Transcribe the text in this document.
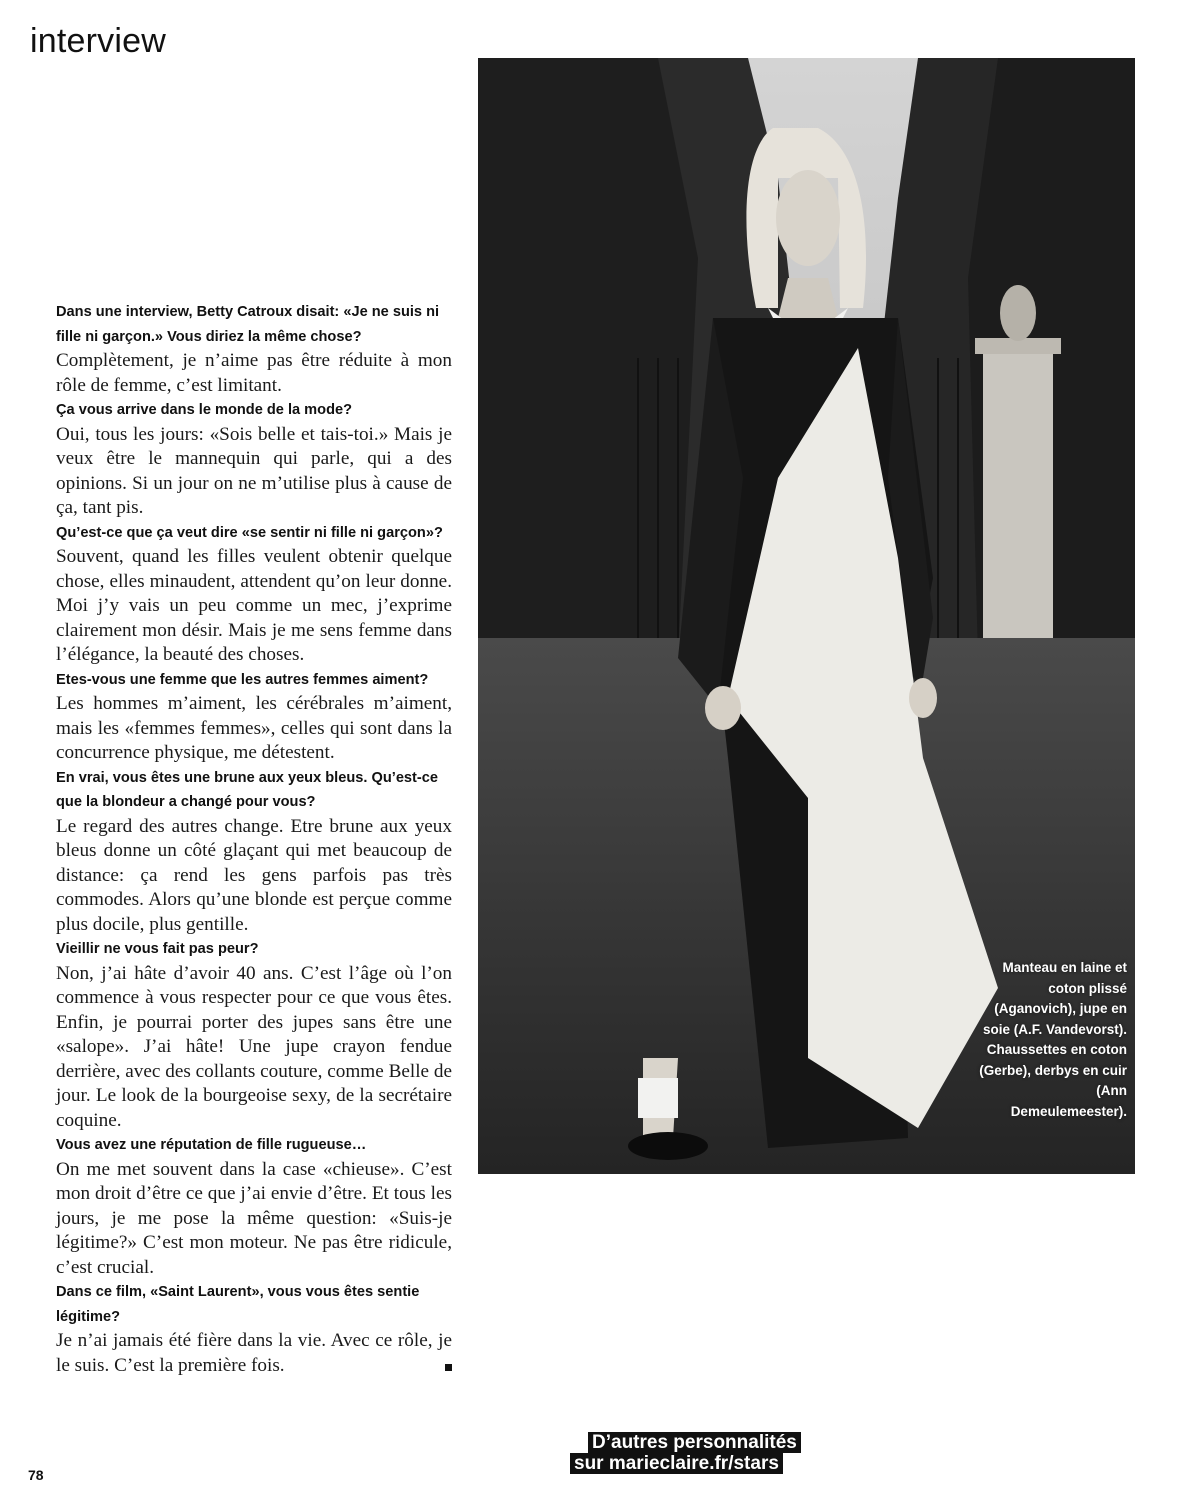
interview

Dans une interview, Betty Catroux disait: «Je ne suis ni fille ni garçon.» Vous diriez la même chose?

Complètement, je n’aime pas être réduite à mon rôle de femme, c’est limitant.

Ça vous arrive dans le monde de la mode?

Oui, tous les jours: «Sois belle et tais-toi.» Mais je veux être le mannequin qui parle, qui a des opinions. Si un jour on ne m’utilise plus à cause de ça, tant pis.

Qu’est-ce que ça veut dire «se sentir ni fille ni garçon»?

Souvent, quand les filles veulent obtenir quelque chose, elles minaudent, attendent qu’on leur donne. Moi j’y vais un peu comme un mec, j’exprime clairement mon désir. Mais je me sens femme dans l’élégance, la beauté des choses.

Etes-vous une femme que les autres femmes aiment?

Les hommes m’aiment, les cérébrales m’aiment, mais les «femmes femmes», celles qui sont dans la concurrence physique, me détestent.

En vrai, vous êtes une brune aux yeux bleus. Qu’est-ce que la blondeur a changé pour vous?

Le regard des autres change. Etre brune aux yeux bleus donne un côté glaçant qui met beaucoup de distance: ça rend les gens parfois pas très commodes. Alors qu’une blonde est perçue comme plus docile, plus gentille.

Vieillir ne vous fait pas peur?

Non, j’ai hâte d’avoir 40 ans. C’est l’âge où l’on commence à vous respecter pour ce que vous êtes. Enfin, je pourrai porter des jupes sans être une «salope». J’ai hâte! Une jupe crayon fendue derrière, avec des collants couture, comme Belle de jour. Le look de la bourgeoise sexy, de la secrétaire coquine.

Vous avez une réputation de fille rugueuse…

On me met souvent dans la case «chieuse». C’est mon droit d’être ce que j’ai envie d’être. Et tous les jours, je me pose la même question: «Suis-je légitime?» C’est mon moteur. Ne pas être ridicule, c’est crucial.

Dans ce film, «Saint Laurent», vous vous êtes sentie légitime?

Je n’ai jamais été fière dans la vie. Avec ce rôle, je le suis. C’est la première fois.

Manteau en laine et coton plissé (Aganovich), jupe en soie (A.F. Vandevorst). Chaussettes en coton (Gerbe), derbys en cuir (Ann Demeulemeester).
D’autres personnalités
sur marieclaire.fr/stars
78
